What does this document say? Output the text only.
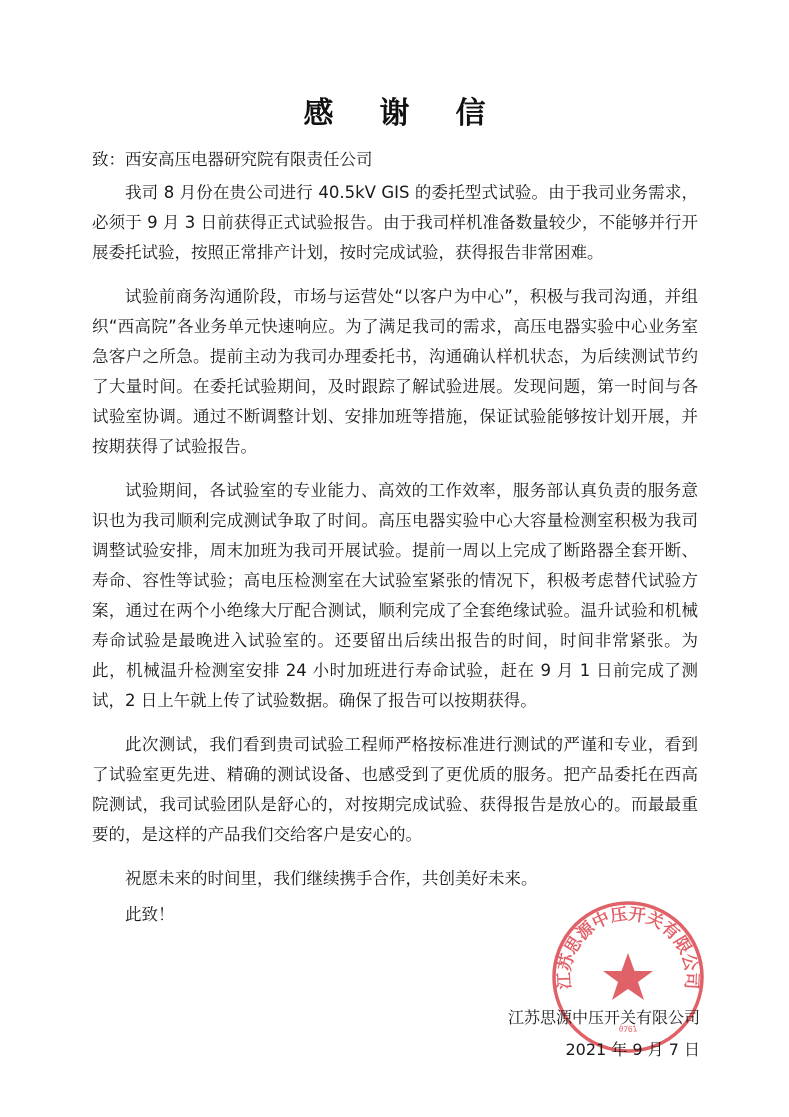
感谢信
致：西安高压电器研究院有限责任公司

我司 8 月份在贵公司进行 40.5kV GIS 的委托型式试验。由于我司业务需求，必须于 9 月 3 日前获得正式试验报告。由于我司样机准备数量较少，不能够并行开展委托试验，按照正常排产计划，按时完成试验，获得报告非常困难。

试验前商务沟通阶段，市场与运营处“以客户为中心”，积极与我司沟通，并组织“西高院”各业务单元快速响应。为了满足我司的需求，高压电器实验中心业务室急客户之所急。提前主动为我司办理委托书，沟通确认样机状态，为后续测试节约了大量时间。在委托试验期间，及时跟踪了解试验进展。发现问题，第一时间与各试验室协调。通过不断调整计划、安排加班等措施，保证试验能够按计划开展，并按期获得了试验报告。

试验期间，各试验室的专业能力、高效的工作效率，服务部认真负责的服务意识也为我司顺利完成测试争取了时间。高压电器实验中心大容量检测室积极为我司调整试验安排，周末加班为我司开展试验。提前一周以上完成了断路器全套开断、寿命、容性等试验；高电压检测室在大试验室紧张的情况下，积极考虑替代试验方案，通过在两个小绝缘大厅配合测试，顺利完成了全套绝缘试验。温升试验和机械寿命试验是最晚进入试验室的。还要留出后续出报告的时间，时间非常紧张。为此，机械温升检测室安排 24 小时加班进行寿命试验，赶在 9 月 1 日前完成了测试，2 日上午就上传了试验数据。确保了报告可以按期获得。

此次测试，我们看到贵司试验工程师严格按标准进行测试的严谨和专业，看到了试验室更先进、精确的测试设备、也感受到了更优质的服务。把产品委托在西高院测试，我司试验团队是舒心的，对按期完成试验、获得报告是放心的。而最最重要的，是这样的产品我们交给客户是安心的。

祝愿未来的时间里，我们继续携手合作，共创美好未来。

此致！

江苏思源中压开关有限公司
0761
江苏思源中压开关有限公司
2021 年 9 月 7 日
